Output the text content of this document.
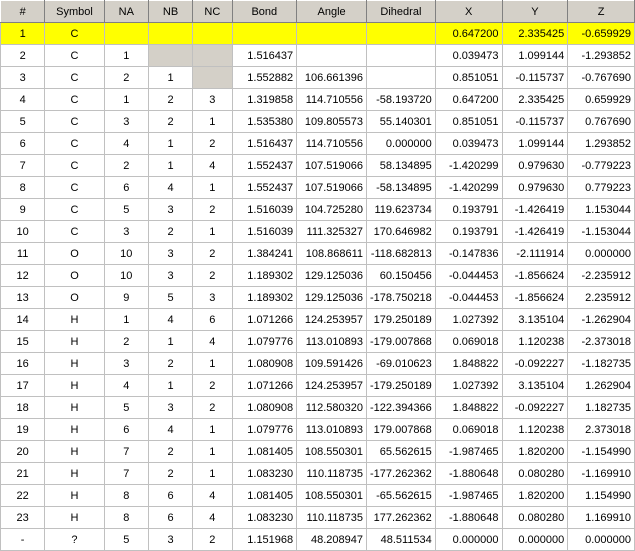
#	Symbol	NA	NB	NC	Bond	Angle	Dihedral	X	Y	Z
1	C							0.647200	2.335425	-0.659929
2	C	1			1.516437			0.039473	1.099144	-1.293852
3	C	2	1		1.552882	106.661396		0.851051	-0.115737	-0.767690
4	C	1	2	3	1.319858	114.710556	-58.193720	0.647200	2.335425	0.659929
5	C	3	2	1	1.535380	109.805573	55.140301	0.851051	-0.115737	0.767690
6	C	4	1	2	1.516437	114.710556	0.000000	0.039473	1.099144	1.293852
7	C	2	1	4	1.552437	107.519066	58.134895	-1.420299	0.979630	-0.779223
8	C	6	4	1	1.552437	107.519066	-58.134895	-1.420299	0.979630	0.779223
9	C	5	3	2	1.516039	104.725280	119.623734	0.193791	-1.426419	1.153044
10	C	3	2	1	1.516039	111.325327	170.646982	0.193791	-1.426419	-1.153044
11	O	10	3	2	1.384241	108.868611	-118.682813	-0.147836	-2.111914	0.000000
12	O	10	3	2	1.189302	129.125036	60.150456	-0.044453	-1.856624	-2.235912
13	O	9	5	3	1.189302	129.125036	-178.750218	-0.044453	-1.856624	2.235912
14	H	1	4	6	1.071266	124.253957	179.250189	1.027392	3.135104	-1.262904
15	H	2	1	4	1.079776	113.010893	-179.007868	0.069018	1.120238	-2.373018
16	H	3	2	1	1.080908	109.591426	-69.010623	1.848822	-0.092227	-1.182735
17	H	4	1	2	1.071266	124.253957	-179.250189	1.027392	3.135104	1.262904
18	H	5	3	2	1.080908	112.580320	-122.394366	1.848822	-0.092227	1.182735
19	H	6	4	1	1.079776	113.010893	179.007868	0.069018	1.120238	2.373018
20	H	7	2	1	1.081405	108.550301	65.562615	-1.987465	1.820200	-1.154990
21	H	7	2	1	1.083230	110.118735	-177.262362	-1.880648	0.080280	-1.169910
22	H	8	6	4	1.081405	108.550301	-65.562615	-1.987465	1.820200	1.154990
23	H	8	6	4	1.083230	110.118735	177.262362	-1.880648	0.080280	1.169910
-	?	5	3	2	1.151968	48.208947	48.511534	0.000000	0.000000	0.000000
